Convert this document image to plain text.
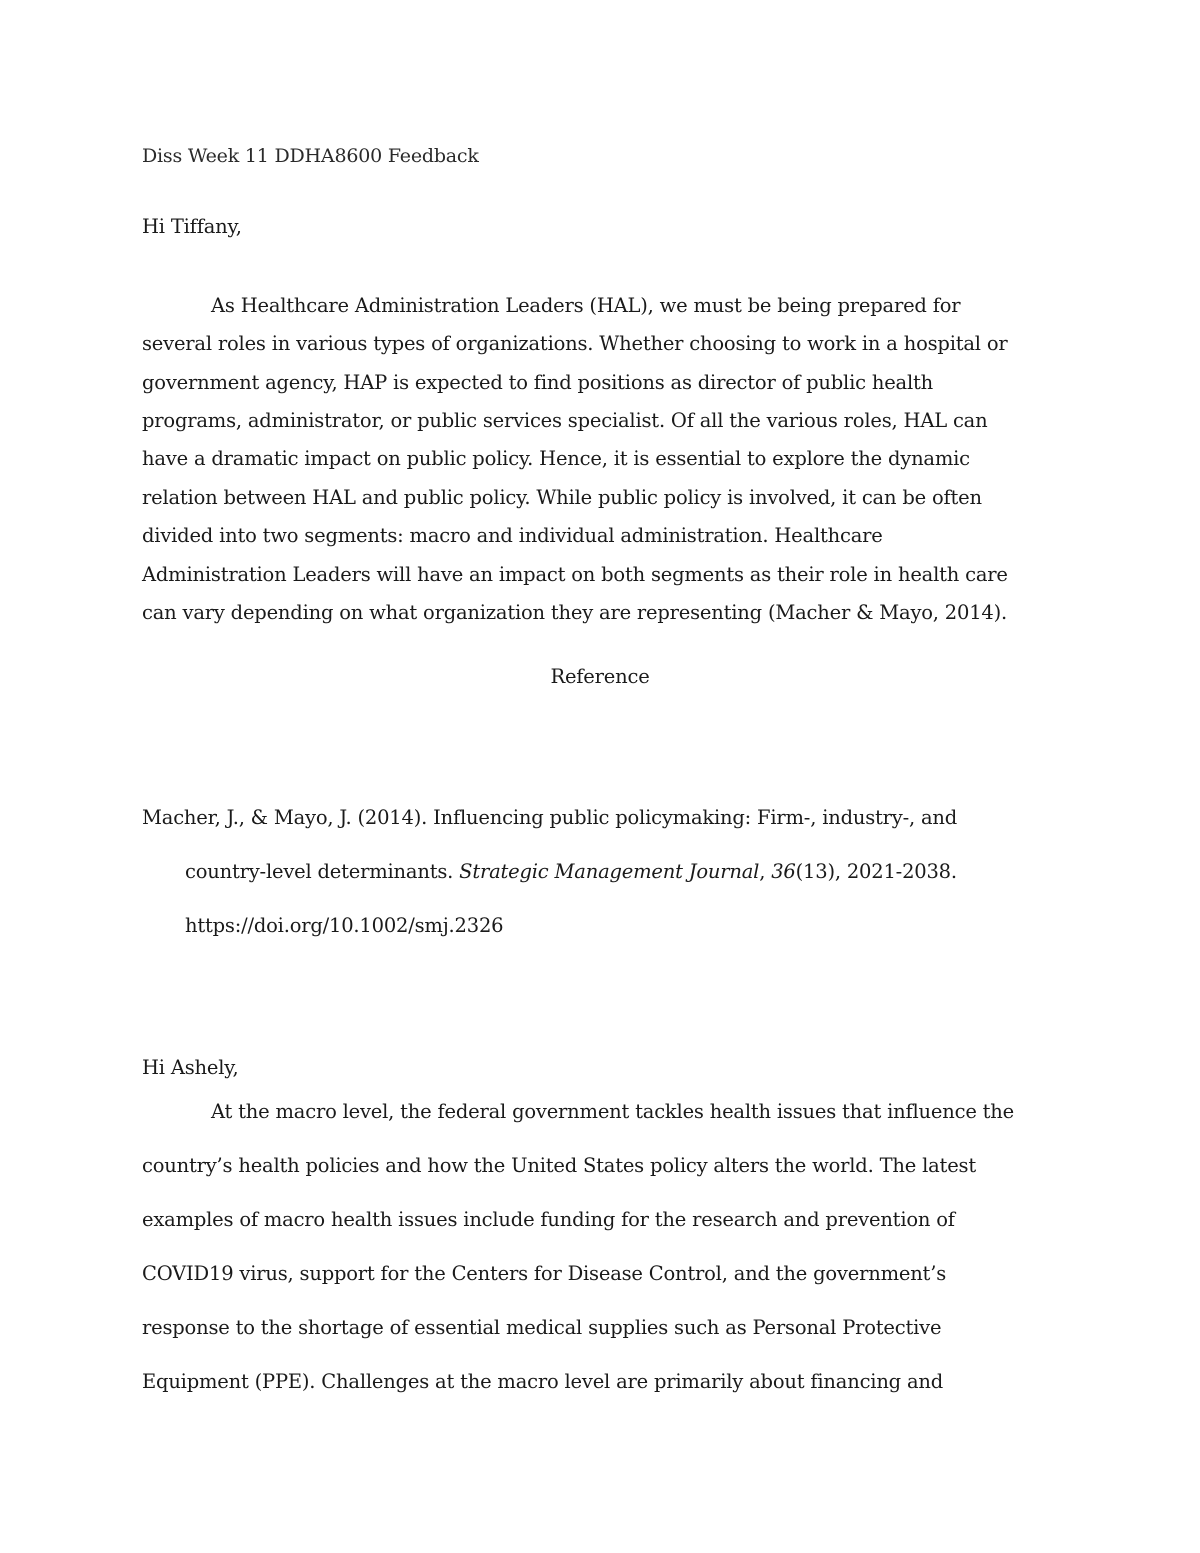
Diss Week 11 DDHA8600 Feedback
Hi Tiffany,
As Healthcare Administration Leaders (HAL), we must be being prepared for
several roles in various types of organizations. Whether choosing to work in a hospital or
government agency, HAP is expected to find positions as director of public health
programs, administrator, or public services specialist. Of all the various roles, HAL can
have a dramatic impact on public policy. Hence, it is essential to explore the dynamic
relation between HAL and public policy. While public policy is involved, it can be often
divided into two segments: macro and individual administration. Healthcare
Administration Leaders will have an impact on both segments as their role in health care
can vary depending on what organization they are representing (Macher & Mayo, 2014).
Reference
Macher, J., & Mayo, J. (2014). Influencing public policymaking: Firm-, industry-, and
country-level determinants. Strategic Management Journal, 36(13), 2021-2038.
https://doi.org/10.1002/smj.2326
Hi Ashely,
At the macro level, the federal government tackles health issues that influence the
country’s health policies and how the United States policy alters the world. The latest
examples of macro health issues include funding for the research and prevention of
COVID19 virus, support for the Centers for Disease Control, and the government’s
response to the shortage of essential medical supplies such as Personal Protective
Equipment (PPE). Challenges at the macro level are primarily about financing and
